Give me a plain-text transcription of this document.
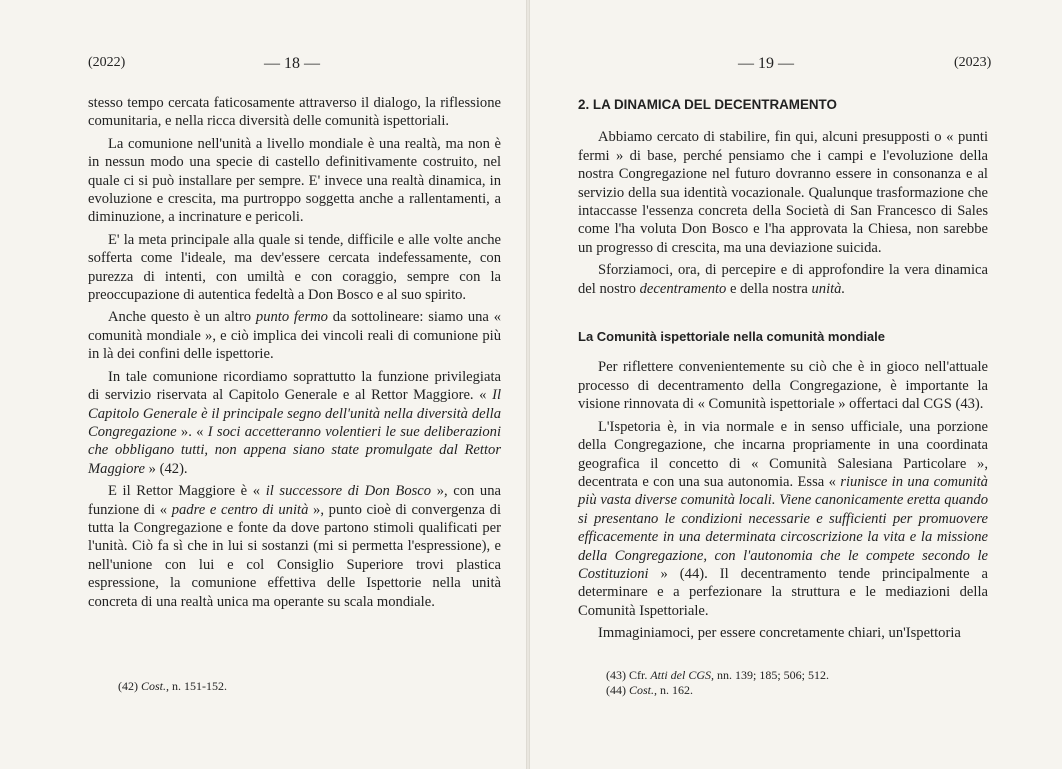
(2022)	— 18 —

stesso tempo cercata faticosamente attraverso il dialogo, la riflessione comunitaria, e nella ricca diversità delle comunità ispettoriali.

La comunione nell'unità a livello mondiale è una realtà, ma non è in nessun modo una specie di castello definitivamente costruito, nel quale ci si può installare per sempre. E' invece una realtà dinamica, in evoluzione e crescita, ma purtroppo soggetta anche a rallentamenti, a diminuzione, a incrinature e pericoli.

E' la meta principale alla quale si tende, difficile e alle volte anche sofferta come l'ideale, ma dev'essere cercata indefessamente, con purezza di intenti, con umiltà e con coraggio, sempre con la preoccupazione di autentica fedeltà a Don Bosco e al suo spirito.

Anche questo è un altro punto fermo da sottolineare: siamo una « comunità mondiale », e ciò implica dei vincoli reali di comunione più in là dei confini delle ispettorie.

In tale comunione ricordiamo soprattutto la funzione privilegiata di servizio riservata al Capitolo Generale e al Rettor Maggiore. « Il Capitolo Generale è il principale segno dell'unità nella diversità della Congregazione ». « I soci accetteranno volentieri le sue deliberazioni che obbligano tutti, non appena siano state promulgate dal Rettor Maggiore » (42).

E il Rettor Maggiore è « il successore di Don Bosco », con una funzione di « padre e centro di unità », punto cioè di convergenza di tutta la Congregazione e fonte da dove partono stimoli qualificati per l'unità. Ciò fa sì che in lui si sostanzi (mi si permetta l'espressione), e nell'unione con lui e col Consiglio Superiore trovi plastica espressione, la comunione effettiva delle Ispettorie nella unità concreta di una realtà unica ma operante su scala mondiale.

(42) Cost., n. 151-152.
— 19 —	(2023)
2. LA DINAMICA DEL DECENTRAMENTO

Abbiamo cercato di stabilire, fin qui, alcuni presupposti o « punti fermi » di base, perché pensiamo che i campi e l'evoluzione della nostra Congregazione nel futuro dovranno essere in consonanza e al servizio della sua identità vocazionale. Qualunque trasformazione che intaccasse l'essenza concreta della Società di San Francesco di Sales come l'ha voluta Don Bosco e l'ha approvata la Chiesa, non sarebbe un progresso di crescita, ma una deviazione suicida.

Sforziamoci, ora, di percepire e di approfondire la vera dinamica del nostro decentramento e della nostra unità.

La Comunità ispettoriale nella comunità mondiale

Per riflettere convenientemente su ciò che è in gioco nell'attuale processo di decentramento della Congregazione, è importante la visione rinnovata di « Comunità ispettoriale » offertaci dal CGS (43).

L'Ispetoria è, in via normale e in senso ufficiale, una porzione della Congregazione, che incarna propriamente in una coordinata geografica il concetto di « Comunità Salesiana Particolare », decentrata e con una sua autonomia. Essa « riunisce in una comunità più vasta diverse comunità locali. Viene canonicamente eretta quando si presentano le condizioni necessarie e sufficienti per promuovere efficacemente in una determinata circoscrizione la vita e la missione della Congregazione, con l'autonomia che le compete secondo le Costituzioni » (44). Il decentramento tende principalmente a determinare e a perfezionare la struttura e le mediazioni della Comunità Ispettoriale.

Immaginiamoci, per essere concretamente chiari, un'Ispettoria

(43) Cfr. Atti del CGS, nn. 139; 185; 506; 512.
(44) Cost., n. 162.
